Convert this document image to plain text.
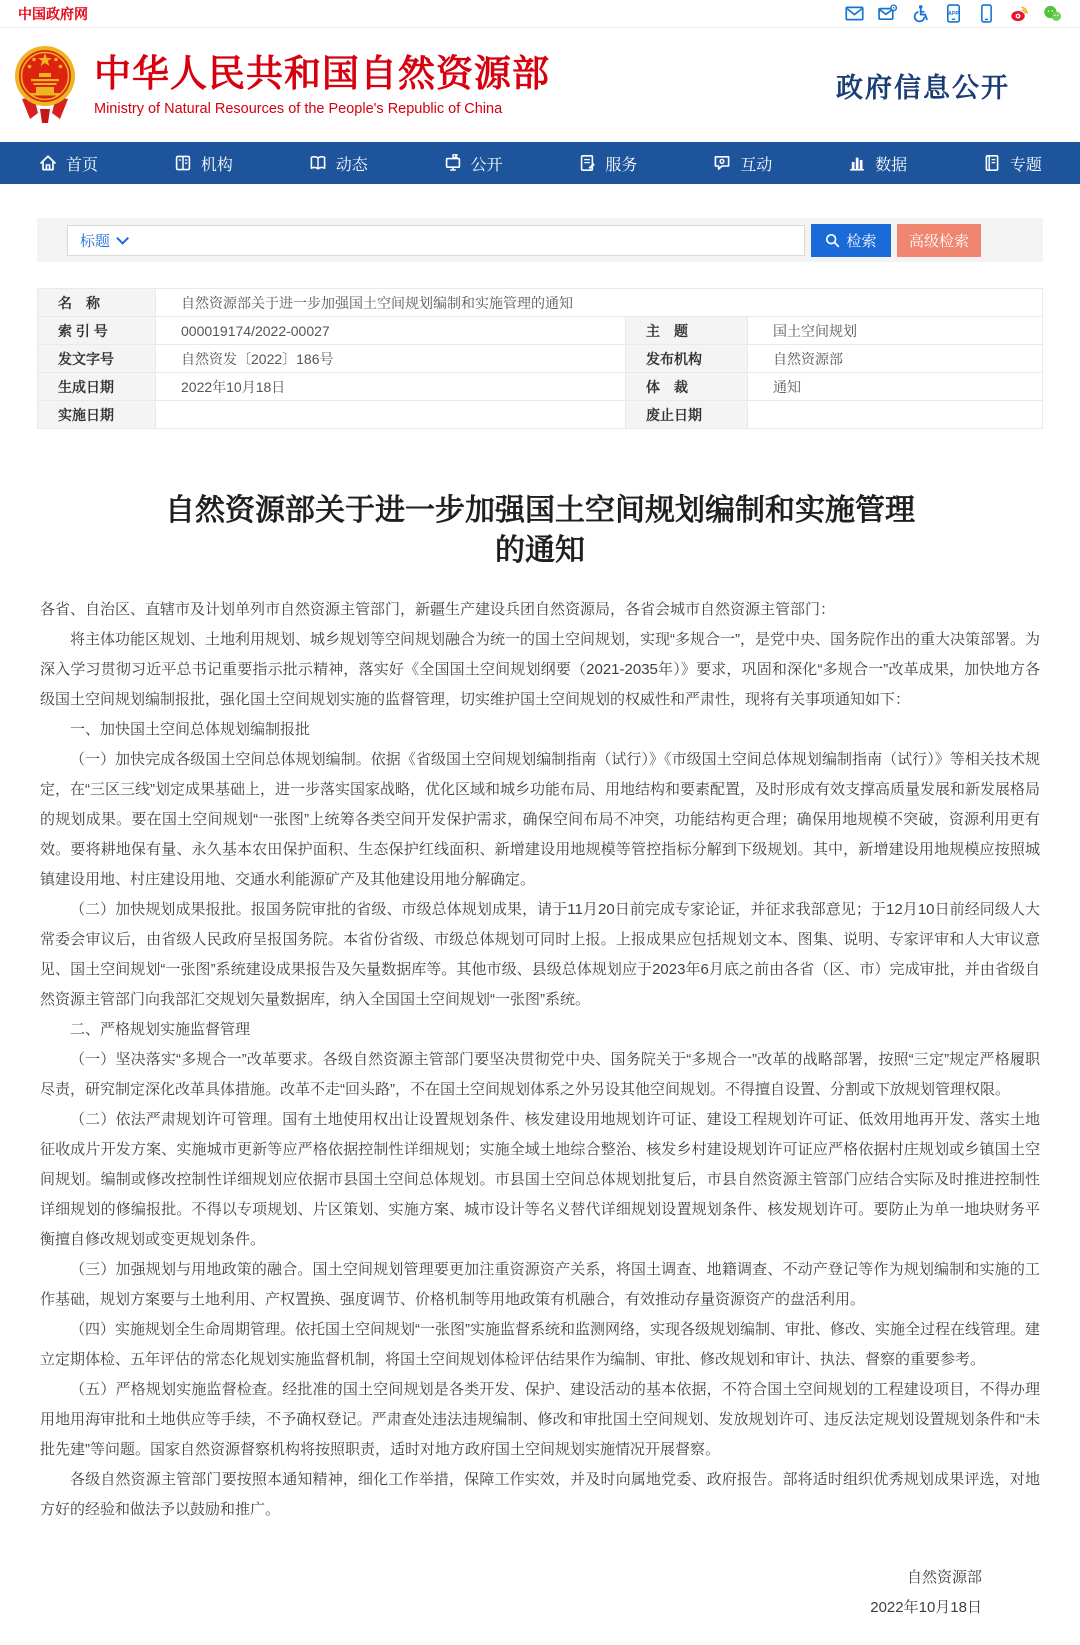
中国政府网	APP
中华人民共和国自然资源部
Ministry of Natural Resources of the People's Republic of China
政府信息公开
首页	机构	动态	公开	服务	互动	数据	专题
标题	检索 高级检索
名　称	自然资源部关于进一步加强国土空间规划编制和实施管理的通知		
索 引 号	000019174/2022-00027	主　题	国土空间规划
发文字号	自然资发〔2022〕186号	发布机构	自然资源部
生成日期	2022年10月18日	体　裁	通知
实施日期		废止日期	
自然资源部关于进一步加强国土空间规划编制和实施管理的通知

各省、自治区、直辖市及计划单列市自然资源主管部门，新疆生产建设兵团自然资源局，各省会城市自然资源主管部门：

将主体功能区规划、土地利用规划、城乡规划等空间规划融合为统一的国土空间规划，实现“多规合一”，是党中央、国务院作出的重大决策部署。为深入学习贯彻习近平总书记重要指示批示精神，落实好《全国国土空间规划纲要（2021-2035年）》要求，巩固和深化“多规合一”改革成果，加快地方各级国土空间规划编制报批，强化国土空间规划实施的监督管理，切实维护国土空间规划的权威性和严肃性，现将有关事项通知如下：

一、加快国土空间总体规划编制报批

（一）加快完成各级国土空间总体规划编制。依据《省级国土空间规划编制指南（试行）》《市级国土空间总体规划编制指南（试行）》等相关技术规定，在“三区三线”划定成果基础上，进一步落实国家战略，优化区域和城乡功能布局、用地结构和要素配置，及时形成有效支撑高质量发展和新发展格局的规划成果。要在国土空间规划“一张图”上统筹各类空间开发保护需求，确保空间布局不冲突，功能结构更合理；确保用地规模不突破，资源利用更有效。要将耕地保有量、永久基本农田保护面积、生态保护红线面积、新增建设用地规模等管控指标分解到下级规划。其中，新增建设用地规模应按照城镇建设用地、村庄建设用地、交通水利能源矿产及其他建设用地分解确定。

（二）加快规划成果报批。报国务院审批的省级、市级总体规划成果，请于11月20日前完成专家论证，并征求我部意见；于12月10日前经同级人大常委会审议后，由省级人民政府呈报国务院。本省份省级、市级总体规划可同时上报。上报成果应包括规划文本、图集、说明、专家评审和人大审议意见、国土空间规划“一张图”系统建设成果报告及矢量数据库等。其他市级、县级总体规划应于2023年6月底之前由各省（区、市）完成审批，并由省级自然资源主管部门向我部汇交规划矢量数据库，纳入全国国土空间规划“一张图”系统。

二、严格规划实施监督管理

（一）坚决落实“多规合一”改革要求。各级自然资源主管部门要坚决贯彻党中央、国务院关于“多规合一”改革的战略部署，按照“三定”规定严格履职尽责，研究制定深化改革具体措施。改革不走“回头路”，不在国土空间规划体系之外另设其他空间规划。不得擅自设置、分割或下放规划管理权限。

（二）依法严肃规划许可管理。国有土地使用权出让设置规划条件、核发建设用地规划许可证、建设工程规划许可证、低效用地再开发、落实土地征收成片开发方案、实施城市更新等应严格依据控制性详细规划；实施全域土地综合整治、核发乡村建设规划许可证应严格依据村庄规划或乡镇国土空间规划。编制或修改控制性详细规划应依据市县国土空间总体规划。市县国土空间总体规划批复后，市县自然资源主管部门应结合实际及时推进控制性详细规划的修编报批。不得以专项规划、片区策划、实施方案、城市设计等名义替代详细规划设置规划条件、核发规划许可。要防止为单一地块财务平衡擅自修改规划或变更规划条件。

（三）加强规划与用地政策的融合。国土空间规划管理要更加注重资源资产关系，将国土调查、地籍调查、不动产登记等作为规划编制和实施的工作基础，规划方案要与土地利用、产权置换、强度调节、价格机制等用地政策有机融合，有效推动存量资源资产的盘活利用。

（四）实施规划全生命周期管理。依托国土空间规划“一张图”实施监督系统和监测网络，实现各级规划编制、审批、修改、实施全过程在线管理。建立定期体检、五年评估的常态化规划实施监督机制，将国土空间规划体检评估结果作为编制、审批、修改规划和审计、执法、督察的重要参考。

（五）严格规划实施监督检查。经批准的国土空间规划是各类开发、保护、建设活动的基本依据，不符合国土空间规划的工程建设项目，不得办理用地用海审批和土地供应等手续，不予确权登记。严肃查处违法违规编制、修改和审批国土空间规划、发放规划许可、违反法定规划设置规划条件和“未批先建”等问题。国家自然资源督察机构将按照职责，适时对地方政府国土空间规划实施情况开展督察。

各级自然资源主管部门要按照本通知精神，细化工作举措，保障工作实效，并及时向属地党委、政府报告。部将适时组织优秀规划成果评选，对地方好的经验和做法予以鼓励和推广。

自然资源部
2022年10月18日
